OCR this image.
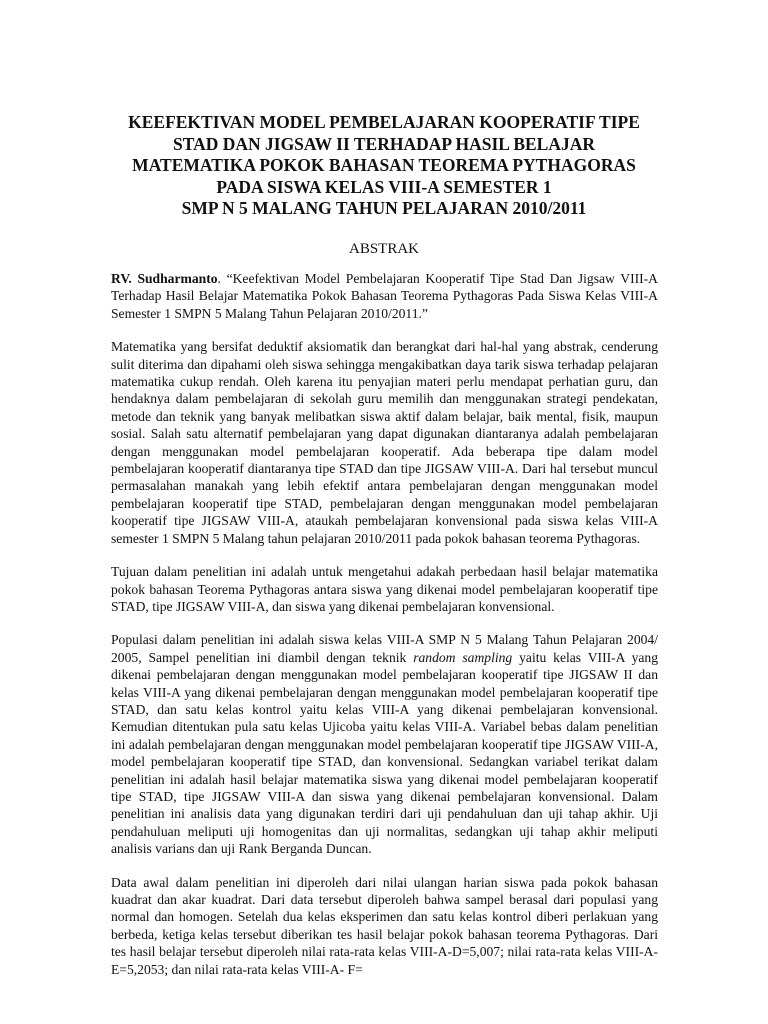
KEEFEKTIVAN MODEL PEMBELAJARAN KOOPERATIF TIPE
STAD DAN JIGSAW II TERHADAP HASIL BELAJAR
MATEMATIKA POKOK BAHASAN TEOREMA PYTHAGORAS
PADA SISWA KELAS VIII-A SEMESTER 1
SMP N 5 MALANG TAHUN PELAJARAN 2010/2011
ABSTRAK

RV. Sudharmanto. “Keefektivan Model Pembelajaran Kooperatif Tipe Stad Dan Jigsaw VIII-A Terhadap Hasil Belajar Matematika Pokok Bahasan Teorema Pythagoras Pada Siswa Kelas VIII-A Semester 1 SMPN 5 Malang Tahun Pelajaran 2010/2011.”

Matematika yang bersifat deduktif aksiomatik dan berangkat dari hal-hal yang abstrak, cenderung sulit diterima dan dipahami oleh siswa sehingga mengakibatkan daya tarik siswa terhadap pelajaran matematika cukup rendah. Oleh karena itu penyajian materi perlu mendapat perhatian guru, dan hendaknya dalam pembelajaran di sekolah guru memilih dan menggunakan strategi pendekatan, metode dan teknik yang banyak melibatkan siswa aktif dalam belajar, baik mental, fisik, maupun sosial. Salah satu alternatif pembelajaran yang dapat digunakan diantaranya adalah pembelajaran dengan menggunakan model pembelajaran kooperatif. Ada beberapa tipe dalam model pembelajaran kooperatif diantaranya tipe STAD dan tipe JIGSAW VIII-A. Dari hal tersebut muncul permasalahan manakah yang lebih efektif antara pembelajaran dengan menggunakan model pembelajaran kooperatif tipe STAD, pembelajaran dengan menggunakan model pembelajaran kooperatif tipe JIGSAW VIII-A, ataukah pembelajaran konvensional pada siswa kelas VIII-A semester 1 SMPN 5 Malang tahun pelajaran 2010/2011 pada pokok bahasan teorema Pythagoras.

Tujuan dalam penelitian ini adalah untuk mengetahui adakah perbedaan hasil belajar matematika pokok bahasan Teorema Pythagoras antara siswa yang dikenai model pembelajaran kooperatif tipe STAD, tipe JIGSAW VIII-A, dan siswa yang dikenai pembelajaran konvensional.

Populasi dalam penelitian ini adalah siswa kelas VIII-A SMP N 5 Malang Tahun Pelajaran 2004/ 2005, Sampel penelitian ini diambil dengan teknik random sampling yaitu kelas VIII-A yang dikenai pembelajaran dengan menggunakan model pembelajaran kooperatif tipe JIGSAW II dan kelas VIII-A yang dikenai pembelajaran dengan menggunakan model pembelajaran kooperatif tipe STAD, dan satu kelas kontrol yaitu kelas VIII-A yang dikenai pembelajaran konvensional. Kemudian ditentukan pula satu kelas Ujicoba yaitu kelas VIII-A. Variabel bebas dalam penelitian ini adalah pembelajaran dengan menggunakan model pembelajaran kooperatif tipe JIGSAW VIII-A, model pembelajaran kooperatif tipe STAD, dan konvensional. Sedangkan variabel terikat dalam penelitian ini adalah hasil belajar matematika siswa yang dikenai model pembelajaran kooperatif tipe STAD, tipe JIGSAW VIII-A dan siswa yang dikenai pembelajaran konvensional. Dalam penelitian ini analisis data yang digunakan terdiri dari uji pendahuluan dan uji tahap akhir. Uji pendahuluan meliputi uji homogenitas dan uji normalitas, sedangkan uji tahap akhir meliputi analisis varians dan uji Rank Berganda Duncan.

Data awal dalam penelitian ini diperoleh dari nilai ulangan harian siswa pada pokok bahasan kuadrat dan akar kuadrat. Dari data tersebut diperoleh bahwa sampel berasal dari populasi yang normal dan homogen. Setelah dua kelas eksperimen dan satu kelas kontrol diberi perlakuan yang berbeda, ketiga kelas tersebut diberikan tes hasil belajar pokok bahasan teorema Pythagoras. Dari tes hasil belajar tersebut diperoleh nilai rata-rata kelas VIII-A-D=5,007; nilai rata-rata kelas VIII-A-E=5,2053; dan nilai rata-rata kelas VIII-A- F=
